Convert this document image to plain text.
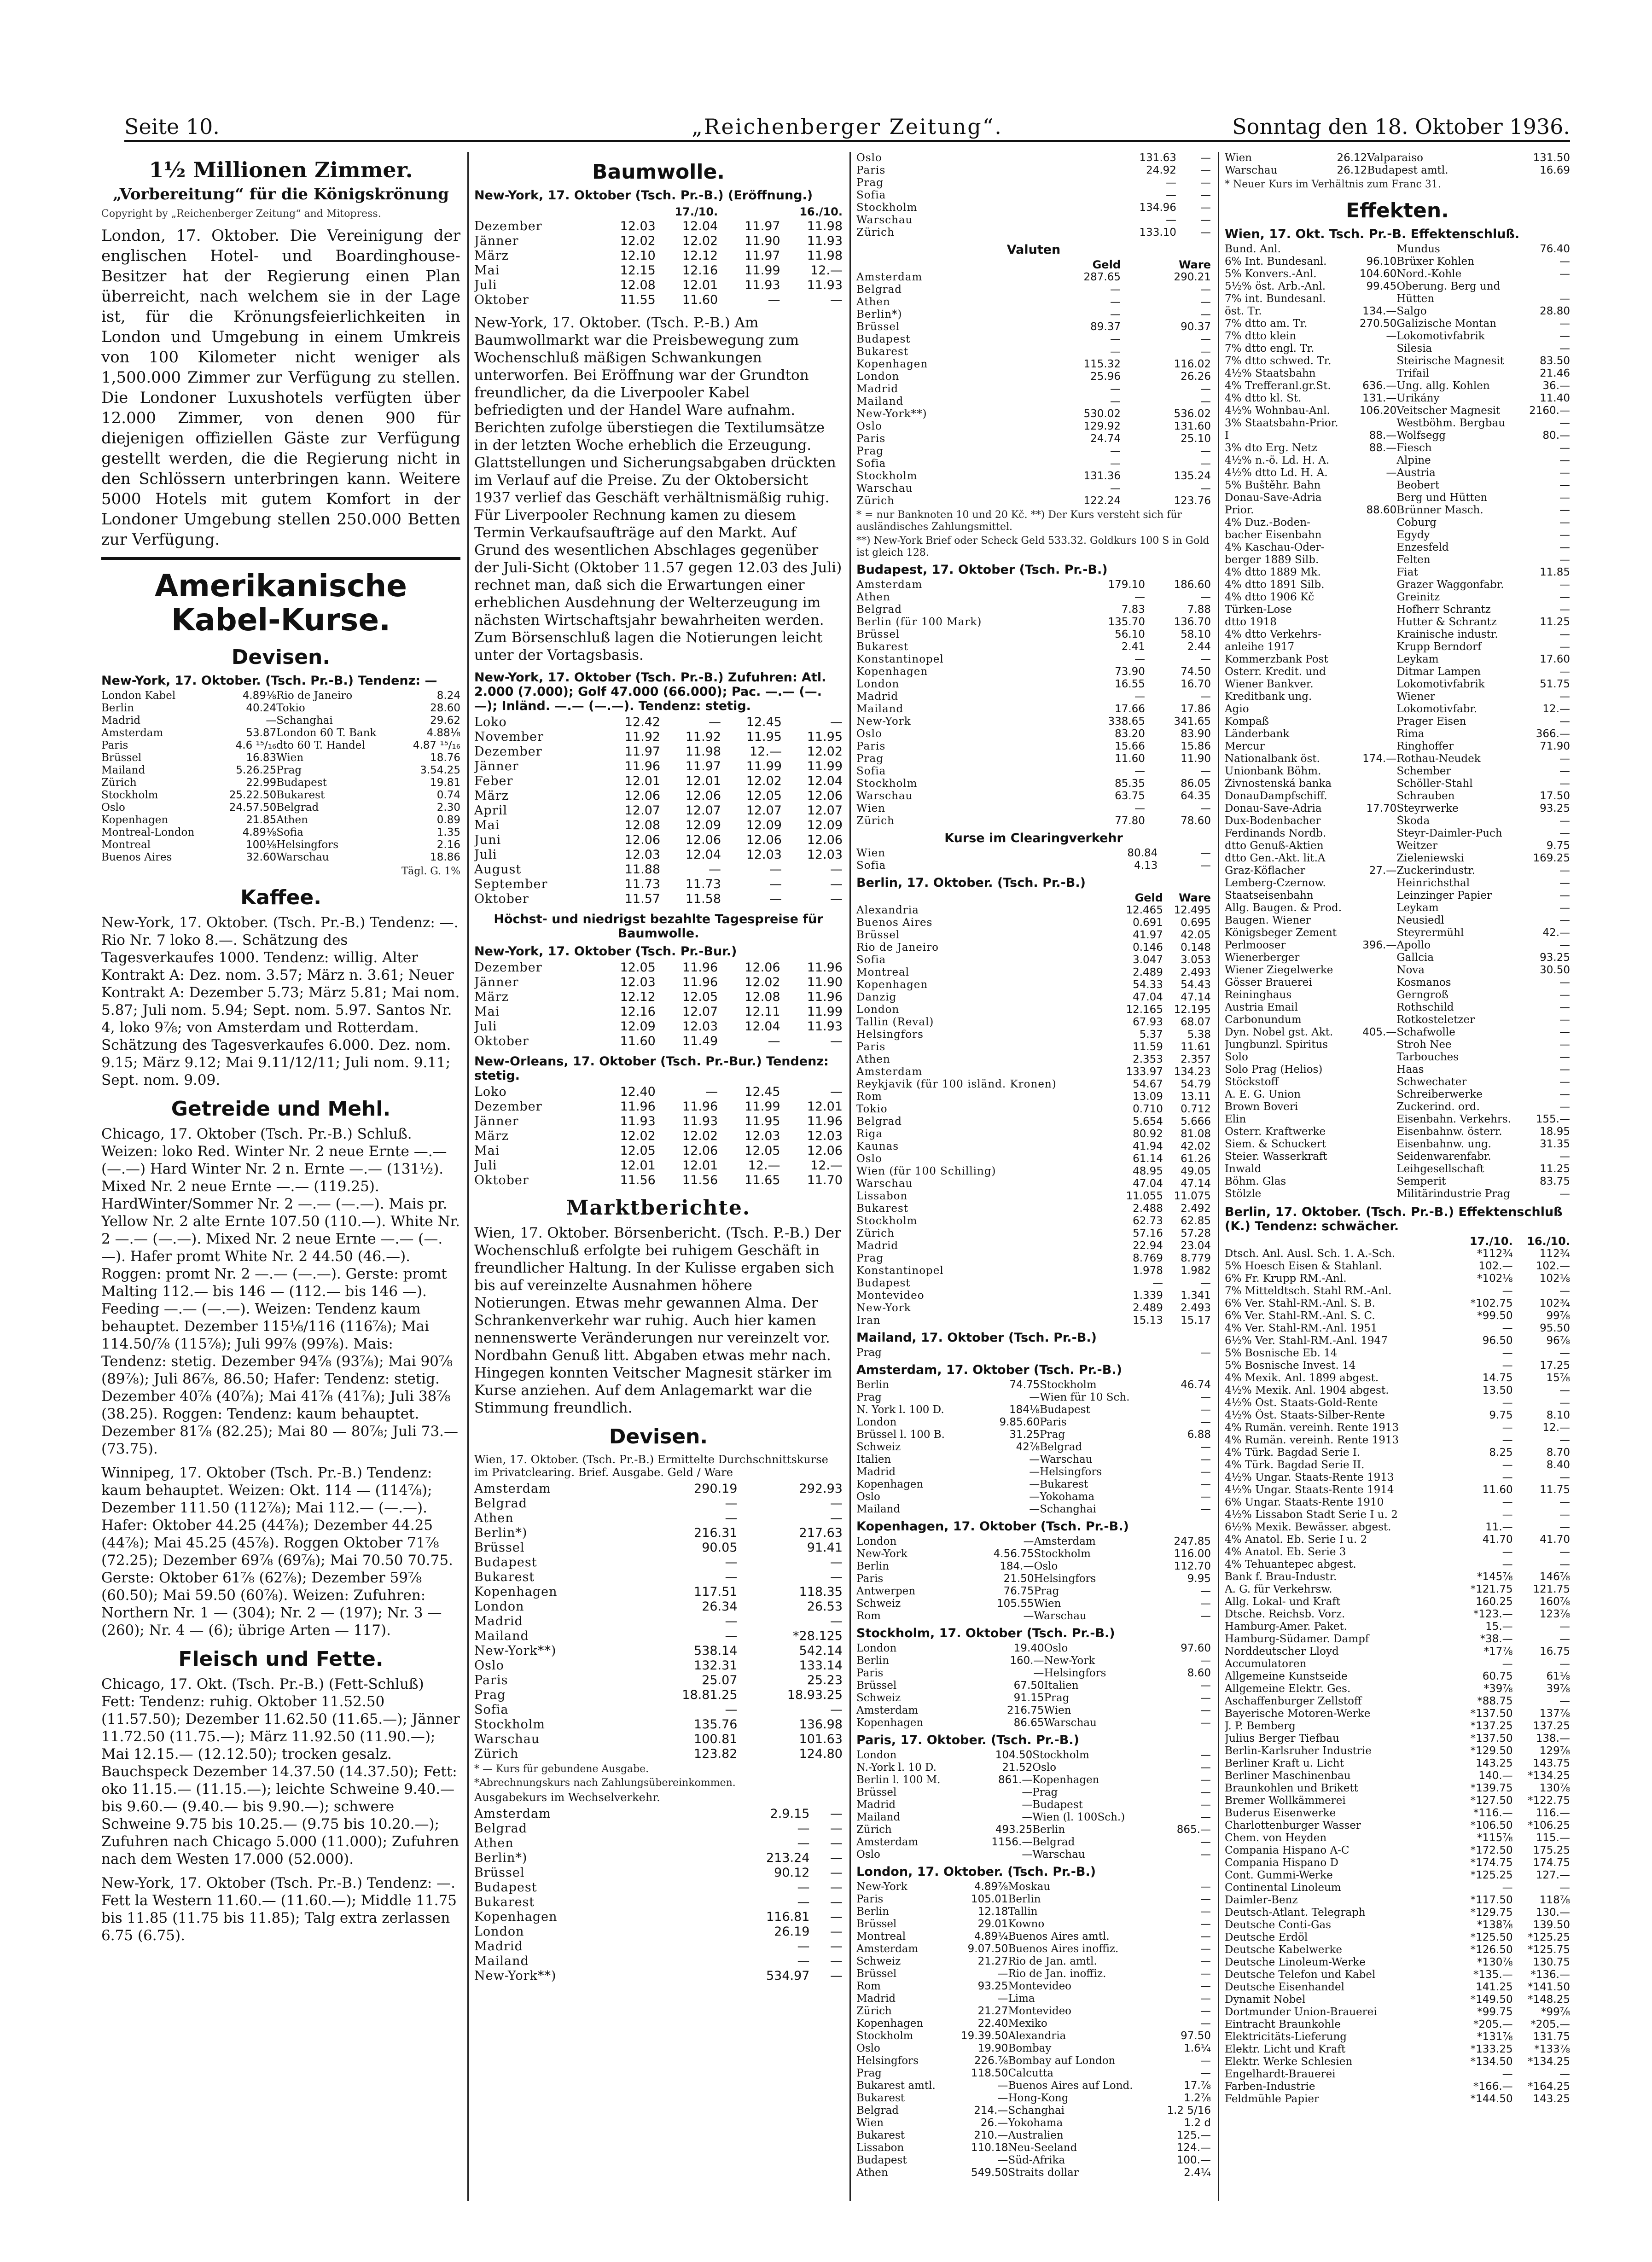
Seite 10.	„Reichenberger Zeitung“.	Sonntag den 18. Oktober 1936.
1½ Millionen Zimmer.
„Vorbereitung“ für die Königskrönung
Copyright by „Reichenberger Zeitung“ and Mitopress.

London, 17. Oktober. Die Vereinigung der englischen Hotel- und Boardinghouse-Besitzer hat der Regierung einen Plan überreicht, nach welchem sie in der Lage ist, für die Krönungsfeierlichkeiten in London und Umgebung in einem Umkreis von 100 Kilometer nicht weniger als 1,500.000 Zimmer zur Verfügung zu stellen. Die Londoner Luxushotels verfügten über 12.000 Zimmer, von denen 900 für diejenigen offiziellen Gäste zur Verfügung gestellt werden, die die Regierung nicht in den Schlössern unterbringen kann. Weitere 5000 Hotels mit gutem Komfort in der Londoner Umgebung stellen 250.000 Betten zur Verfügung.

Amerikanische Kabel-Kurse.
Devisen.
New-York, 17. Oktober. (Tsch. Pr.-B.) Tendenz: —
London Kabel	4.89⅛	Rio de Janeiro	8.24
Berlin	40.24	Tokio	28.60
Madrid	—	Schanghai	29.62
Amsterdam	53.87	London 60 T. Bank	4.88⅛
Paris	4.6 ¹⁵/₁₆	dto 60 T. Handel	4.87 ¹⁵/₁₆
Brüssel	16.83	Wien	18.76
Mailand	5.26.25	Prag	3.54.25
Zürich	22.99	Budapest	19.81
Stockholm	25.22.50	Bukarest	0.74
Oslo	24.57.50	Belgrad	2.30
Kopenhagen	21.85	Athen	0.89
Montreal-London	4.89⅛	Sofia	1.35
Montreal	100⅛	Helsingfors	2.16
Buenos Aires	32.60	Warschau	18.86
Tägl. G. 1%
Kaffee.

New-York, 17. Oktober. (Tsch. Pr.-B.) Tendenz: —. Rio Nr. 7 loko 8.—. Schätzung des Tagesverkaufes 1000. Tendenz: willig. Alter Kontrakt A: Dez. nom. 3.57; März n. 3.61; Neuer Kontrakt A: Dezember 5.73; März 5.81; Mai nom. 5.87; Juli nom. 5.94; Sept. nom. 5.97. Santos Nr. 4, loko 9⅞; von Amsterdam und Rotterdam. Schätzung des Tagesverkaufes 6.000. Dez. nom. 9.15; März 9.12; Mai 9.11/12/11; Juli nom. 9.11; Sept. nom. 9.09.

Getreide und Mehl.

Chicago, 17. Oktober (Tsch. Pr.-B.) Schluß. Weizen: loko Red. Winter Nr. 2 neue Ernte —.— (—.—) Hard Winter Nr. 2 n. Ernte —.— (131½). Mixed Nr. 2 neue Ernte —.— (119.25). HardWinter/Sommer Nr. 2 —.— (—.—). Mais pr. Yellow Nr. 2 alte Ernte 107.50 (110.—). White Nr. 2 —.— (—.—). Mixed Nr. 2 neue Ernte —.— (—.—). Hafer promt White Nr. 2 44.50 (46.—). Roggen: promt Nr. 2 —.— (—.—). Gerste: promt Malting 112.— bis 146 — (112.— bis 146 —). Feeding —.— (—.—). Weizen: Tendenz kaum behauptet. Dezember 115⅛/116 (116⅞); Mai 114.50/⅞ (115⅞); Juli 99⅞ (99⅞). Mais: Tendenz: stetig. Dezember 94⅞ (93⅞); Mai 90⅞ (89⅞); Juli 86⅞, 86.50; Hafer: Tendenz: stetig. Dezember 40⅞ (40⅞); Mai 41⅞ (41⅞); Juli 38⅞ (38.25). Roggen: Tendenz: kaum behauptet. Dezember 81⅞ (82.25); Mai 80 — 80⅞; Juli 73.— (73.75).

Winnipeg, 17. Oktober (Tsch. Pr.-B.) Tendenz: kaum behauptet. Weizen: Okt. 114 — (114⅞); Dezember 111.50 (112⅞); Mai 112.— (—.—). Hafer: Oktober 44.25 (44⅞); Dezember 44.25 (44⅞); Mai 45.25 (45⅞). Roggen Oktober 71⅞ (72.25); Dezember 69⅞ (69⅞); Mai 70.50 70.75. Gerste: Oktober 61⅞ (62⅞); Dezember 59⅞ (60.50); Mai 59.50 (60⅞). Weizen: Zufuhren: Northern Nr. 1 — (304); Nr. 2 — (197); Nr. 3 — (260); Nr. 4 — (6); übrige Arten — 117).

Fleisch und Fette.

Chicago, 17. Okt. (Tsch. Pr.-B.) (Fett-Schluß) Fett: Tendenz: ruhig. Oktober 11.52.50 (11.57.50); Dezember 11.62.50 (11.65.—); Jänner 11.72.50 (11.75.—); März 11.92.50 (11.90.—); Mai 12.15.— (12.12.50); trocken gesalz. Bauchspeck Dezember 14.37.50 (14.37.50); Fett: oko 11.15.— (11.15.—); leichte Schweine 9.40.— bis 9.60.— (9.40.— bis 9.90.—); schwere Schweine 9.75 bis 10.25.— (9.75 bis 10.20.—); Zufuhren nach Chicago 5.000 (11.000); Zufuhren nach dem Westen 17.000 (52.000).

New-York, 17. Oktober (Tsch. Pr.-B.) Tendenz: —. Fett la Western 11.60.— (11.60.—); Middle 11.75 bis 11.85 (11.75 bis 11.85); Talg extra zerlassen 6.75 (6.75).

Baumwolle.
New-York, 17. Oktober (Tsch. Pr.-B.) (Eröffnung.)
	17./10.		16./10.	
Dezember	12.03	12.04	11.97	11.98
Jänner	12.02	12.02	11.90	11.93
März	12.10	12.12	11.97	11.98
Mai	12.15	12.16	11.99	12.—
Juli	12.08	12.01	11.93	11.93
Oktober	11.55	11.60	—	—

New-York, 17. Oktober. (Tsch. P.-B.) Am Baumwollmarkt war die Preisbewegung zum Wochenschluß mäßigen Schwankungen unterworfen. Bei Eröffnung war der Grundton freundlicher, da die Liverpooler Kabel befriedigten und der Handel Ware aufnahm. Berichten zufolge überstiegen die Textilumsätze in der letzten Woche erheblich die Erzeugung. Glattstellungen und Sicherungsabgaben drückten im Verlauf auf die Preise. Zu der Oktobersicht 1937 verlief das Geschäft verhältnismäßig ruhig. Für Liverpooler Rechnung kamen zu diesem Termin Verkaufsaufträge auf den Markt. Auf Grund des wesentlichen Abschlages gegenüber der Juli-Sicht (Oktober 11.57 gegen 12.03 des Juli) rechnet man, daß sich die Erwartungen einer erheblichen Ausdehnung der Welterzeugung im nächsten Wirtschaftsjahr bewahrheiten werden. Zum Börsenschluß lagen die Notierungen leicht unter der Vortagsbasis.

New-York, 17. Oktober (Tsch. Pr.-B.) Zufuhren: Atl. 2.000 (7.000); Golf 47.000 (66.000); Pac. —.— (—.—); Inländ. —.— (—.—). Tendenz: stetig.
Loko	12.42	—	12.45	—
November	11.92	11.92	11.95	11.95
Dezember	11.97	11.98	12.—	12.02
Jänner	11.96	11.97	11.99	11.99
Feber	12.01	12.01	12.02	12.04
März	12.06	12.06	12.05	12.06
April	12.07	12.07	12.07	12.07
Mai	12.08	12.09	12.09	12.09
Juni	12.06	12.06	12.06	12.06
Juli	12.03	12.04	12.03	12.03
August	11.88	—	—	—
September	11.73	11.73	—	—
Oktober	11.57	11.58	—	—
Höchst- und niedrigst bezahlte Tagespreise für Baumwolle.
New-York, 17. Oktober (Tsch. Pr.-Bur.)
Dezember	12.05	11.96	12.06	11.96
Jänner	12.03	11.96	12.02	11.90
März	12.12	12.05	12.08	11.96
Mai	12.16	12.07	12.11	11.99
Juli	12.09	12.03	12.04	11.93
Oktober	11.60	11.49	—	—
New-Orleans, 17. Oktober (Tsch. Pr.-Bur.) Tendenz: stetig.
Loko	12.40	—	12.45	—
Dezember	11.96	11.96	11.99	12.01
Jänner	11.93	11.93	11.95	11.96
März	12.02	12.02	12.03	12.03
Mai	12.05	12.06	12.05	12.06
Juli	12.01	12.01	12.—	12.—
Oktober	11.56	11.56	11.65	11.70
Marktberichte.

Wien, 17. Oktober. Börsenbericht. (Tsch. P.-B.) Der Wochenschluß erfolgte bei ruhigem Geschäft in freundlicher Haltung. In der Kulisse ergaben sich bis auf vereinzelte Ausnahmen höhere Notierungen. Etwas mehr gewannen Alma. Der Schrankenverkehr war ruhig. Auch hier kamen nennenswerte Veränderungen nur vereinzelt vor. Nordbahn Genuß litt. Abgaben etwas mehr nach. Hingegen konnten Veitscher Magnesit stärker im Kurse anziehen. Auf dem Anlagemarkt war die Stimmung freundlich.

Devisen.
Wien, 17. Oktober. (Tsch. Pr.-B.) Ermittelte Durchschnittskurse im Privatclearing. Brief. Ausgabe. Geld / Ware
Amsterdam	290.19	292.93
Belgrad	—	—
Athen	—	—
Berlin*)	216.31	217.63
Brüssel	90.05	91.41
Budapest	—	—
Bukarest	—	—
Kopenhagen	117.51	118.35
London	26.34	26.53
Madrid	—	—
Mailand	—	*28.125
New-York**)	538.14	542.14
Oslo	132.31	133.14
Paris	25.07	25.23
Prag	18.81.25	18.93.25
Sofia	—	—
Stockholm	135.76	136.98
Warschau	100.81	101.63
Zürich	123.82	124.80
* — Kurs für gebundene Ausgabe.
*Abrechnungskurs nach Zahlungsübereinkommen.
Ausgabekurs im Wechselverkehr.
Amsterdam	2.9.15	—
Belgrad	—	—
Athen	—	—
Berlin*)	213.24	—
Brüssel	90.12	—
Budapest	—	—
Bukarest	—	—
Kopenhagen	116.81	—
London	26.19	—
Madrid	—	—
Mailand	—	—
New-York**)	534.97	—
Oslo	131.63	—
Paris	24.92	—
Prag	—	—
Sofia	—	—
Stockholm	134.96	—
Warschau	—	—
Zürich	133.10	—
Valuten
	Geld	Ware
Amsterdam	287.65	290.21
Belgrad	—	—
Athen	—	—
Berlin*)	—	—
Brüssel	89.37	90.37
Budapest	—	—
Bukarest	—	—
Kopenhagen	115.32	116.02
London	25.96	26.26
Madrid	—	—
Mailand	—	—
New-York**)	530.02	536.02
Oslo	129.92	131.60
Paris	24.74	25.10
Prag	—	—
Sofia	—	—
Stockholm	131.36	135.24
Warschau	—	—
Zürich	122.24	123.76
* = nur Banknoten 10 und 20 Kč. **) Der Kurs versteht sich für ausländisches Zahlungsmittel.
**) New-York Brief oder Scheck Geld 533.32. Goldkurs 100 S in Gold ist gleich 128.
Budapest, 17. Oktober (Tsch. Pr.-B.)
Amsterdam	179.10	186.60
Athen	—	—
Belgrad	7.83	7.88
Berlin (für 100 Mark)	135.70	136.70
Brüssel	56.10	58.10
Bukarest	2.41	2.44
Konstantinopel	—	—
Kopenhagen	73.90	74.50
London	16.55	16.70
Madrid	—	—
Mailand	17.66	17.86
New-York	338.65	341.65
Oslo	83.20	83.90
Paris	15.66	15.86
Prag	11.60	11.90
Sofia	—	—
Stockholm	85.35	86.05
Warschau	63.75	64.35
Wien	—	—
Zürich	77.80	78.60
Kurse im Clearingverkehr
Wien	80.84	—
Sofia	4.13	—
Berlin, 17. Oktober. (Tsch. Pr.-B.)
	Geld	Ware
Alexandria	12.465	12.495
Buenos Aires	0.691	0.695
Brüssel	41.97	42.05
Rio de Janeiro	0.146	0.148
Sofia	3.047	3.053
Montreal	2.489	2.493
Kopenhagen	54.33	54.43
Danzig	47.04	47.14
London	12.165	12.195
Tallin (Reval)	67.93	68.07
Helsingfors	5.37	5.38
Paris	11.59	11.61
Athen	2.353	2.357
Amsterdam	133.97	134.23
Reykjavik (für 100 isländ. Kronen)	54.67	54.79
Rom	13.09	13.11
Tokio	0.710	0.712
Belgrad	5.654	5.666
Riga	80.92	81.08
Kaunas	41.94	42.02
Oslo	61.14	61.26
Wien (für 100 Schilling)	48.95	49.05
Warschau	47.04	47.14
Lissabon	11.055	11.075
Bukarest	2.488	2.492
Stockholm	62.73	62.85
Zürich	57.16	57.28
Madrid	22.94	23.04
Prag	8.769	8.779
Konstantinopel	1.978	1.982
Budapest	—	—
Montevideo	1.339	1.341
New-York	2.489	2.493
Iran	15.13	15.17
Mailand, 17. Oktober (Tsch. Pr.-B.)
Prag	—		
Amsterdam, 17. Oktober (Tsch. Pr.-B.)
Berlin	74.75	Stockholm	46.74
Prag	—	Wien für 10 Sch.	—
N. York l. 100 D.	184⅛	Budapest	—
London	9.85.60	Paris	—
Brüssel l. 100 B.	31.25	Prag	6.88
Schweiz	42⅞	Belgrad	—
Italien	—	Warschau	—
Madrid	—	Helsingfors	—
Kopenhagen	—	Bukarest	—
Oslo	—	Yokohama	—
Mailand	—	Schanghai	—
Kopenhagen, 17. Oktober (Tsch. Pr.-B.)
London	—	Amsterdam	247.85
New-York	4.56.75	Stockholm	116.00
Berlin	184.—	Oslo	112.70
Paris	21.50	Helsingfors	9.95
Antwerpen	76.75	Prag	—
Schweiz	105.55	Wien	—
Rom	—	Warschau	—
Stockholm, 17. Oktober (Tsch. Pr.-B.)
London	19.40	Oslo	97.60
Berlin	160.—	New-York	—
Paris	—	Helsingfors	8.60
Brüssel	67.50	Italien	—
Schweiz	91.15	Prag	—
Amsterdam	216.75	Wien	—
Kopenhagen	86.65	Warschau	—
Paris, 17. Oktober. (Tsch. Pr.-B.)
London	104.50	Stockholm	—
N.-York l. 10 D.	21.52	Oslo	—
Berlin l. 100 M.	861.—	Kopenhagen	—
Brüssel	—	Prag	—
Madrid	—	Budapest	—
Mailand	—	Wien (l. 100Sch.)	—
Zürich	493.25	Berlin	865.—
Amsterdam	1156.—	Belgrad	—
Oslo	—	Warschau	—
London, 17. Oktober. (Tsch. Pr.-B.)
New-York	4.89⅞	Moskau	—
Paris	105.01	Berlin	—
Berlin	12.18	Tallin	—
Brüssel	29.01	Kowno	—
Montreal	4.89¼	Buenos Aires amtl.	—
Amsterdam	9.07.50	Buenos Aires inoffiz.	—
Schweiz	21.27	Rio de Jan. amtl.	—
Brüssel	—	Rio de Jan. inoffiz.	—
Rom	93.25	Montevideo	—
Madrid	—	Lima	—
Zürich	21.27	Montevideo	—
Kopenhagen	22.40	Mexiko	—
Stockholm	19.39.50	Alexandria	97.50
Oslo	19.90	Bombay	1.6¼
Helsingfors	226.⅞	Bombay auf London	—
Prag	118.50	Calcutta	—
Bukarest amtl.	—	Buenos Aires auf Lond.	17.⅞
Bukarest	—	Hong-Kong	1.2⅞
Belgrad	214.—	Schanghai	1.2 5/16
Wien	26.—	Yokohama	1.2 d
Bukarest	210.—	Australien	125.—
Lissabon	110.18	Neu-Seeland	124.—
Budapest	—	Süd-Afrika	100.—
Athen	549.50	Straits dollar	2.4¼
Wien	26.12	Valparaiso	131.50
Warschau	26.12	Budapest amtl.	16.69
* Neuer Kurs im Verhältnis zum Franc 31.
Effekten.
Wien, 17. Okt. Tsch. Pr.-B. Effektenschluß.
Bund. Anl.		Mundus	76.40
6% Int. Bundesanl.	96.10	Brüxer Kohlen	—
5% Konvers.-Anl.	104.60	Nord.-Kohle	—
5½% öst. Arb.-Anl.	99.45	Oberung. Berg und	
7% int. Bundesanl.		Hütten	—
öst. Tr.	134.—	Salgo	28.80
7% dtto am. Tr.	270.50	Galizische Montan	—
7% dtto klein	—	Lokomotivfabrik	—
7% dtto engl. Tr.		Silesia	—
7% dtto schwed. Tr.		Steirische Magnesit	83.50
4½% Staatsbahn		Trifail	21.46
4% Trefferanl.gr.St.	636.—	Ung. allg. Kohlen	36.—
4% dtto kl. St.	131.—	Urikány	11.40
4½% Wohnbau-Anl.	106.20	Veitscher Magnesit	2160.—
3% Staatsbahn-Prior.		Westböhm. Bergbau	—
I	88.—	Wolfsegg	80.—
3% dto Erg. Netz	88.—	Fiesch	—
4½% n.-ö. Ld. H. A.		Alpine	—
4½% dtto Ld. H. A.	—	Austria	—
5% Buštěhr. Bahn		Beobert	—
Donau-Save-Adria		Berg und Hütten	—
Prior.	88.60	Brünner Masch.	—
4% Duz.-Boden-		Coburg	—
bacher Eisenbahn		Egydy	—
4% Kaschau-Oder-		Enzesfeld	—
berger 1889 Silb.		Felten	—
4% dtto 1889 Mk.		Fiat	11.85
4% dtto 1891 Silb.		Grazer Waggonfabr.	—
4% dtto 1906 Kč		Greinitz	—
Türken-Lose		Hofherr Schrantz	—
dtto 1918		Hutter & Schrantz	11.25
4% dtto Verkehrs-		Krainische industr.	—
anleihe 1917		Krupp Berndorf	—
Kommerzbank Post		Leykam	17.60
Österr. Kredit. und		Ditmar Lampen	—
Wiener Bankver.		Lokomotivfabrik	51.75
Kreditbank ung.		Wiener	—
Agio		Lokomotivfabr.	12.—
Kompaß		Prager Eisen	—
Länderbank		Rima	366.—
Mercur		Ringhoffer	71.90
Nationalbank öst.	174.—	Rothau-Neudek	—
Unionbank Böhm.		Schember	—
Živnostenská banka		Schöller-Stahl	—
DonauDampfschiff.		Schrauben	17.50
Donau-Save-Adria	17.70	Steyrwerke	93.25
Dux-Bodenbacher		Škoda	—
Ferdinands Nordb.		Steyr-Daimler-Puch	—
dtto Genuß-Aktien		Weitzer	9.75
dtto Gen.-Akt. lit.A		Zieleniewski	169.25
Graz-Köflacher	27.—	Zuckerindustr.	—
Lemberg-Czernow.		Heinrichsthal	—
Staatseisenbahn		Leinzinger Papier	—
Allg. Baugen. & Prod.		Leykam	—
Baugen. Wiener		Neusiedl	—
Königsbeger Zement		Steyrermühl	42.—
Perlmooser	396.—	Apollo	—
Wienerberger		Gallcia	93.25
Wiener Ziegelwerke		Nova	30.50
Gösser Brauerei		Kosmanos	—
Reininghaus		Gerngroß	—
Austria Email		Rothschild	—
Carbonundum		Rotkosteletzer	—
Dyn. Nobel gst. Akt.	405.—	Schafwolle	—
Jungbunzl. Spiritus		Stroh Nee	—
Solo		Tarbouches	—
Solo Prag (Helios)		Haas	—
Stöckstoff		Schwechater	—
A. E. G. Union		Schreiberwerke	—
Brown Boveri		Zuckerind. ord.	—
Elin		Eisenbahn. Verkehrs.	155.—
Österr. Kraftwerke		Eisenbahnw. österr.	18.95
Siem. & Schuckert		Eisenbahnw. ung.	31.35
Steier. Wasserkraft		Seidenwarenfabr.	—
Inwald		Leihgesellschaft	11.25
Böhm. Glas		Semperit	83.75
Stölzle		Militärindustrie Prag	—
Berlin, 17. Oktober. (Tsch. Pr.-B.) Effektenschluß (K.) Tendenz: schwächer.
	17./10.	16./10.
Dtsch. Anl. Ausl. Sch. 1. A.-Sch.	*112¾	112¾
5% Hoesch Eisen & Stahlanl.	102.—	102.—
6% Fr. Krupp RM.-Anl.	*102⅛	102⅛
7% Mitteldtsch. Stahl RM.-Anl.	—	—
6% Ver. Stahl-RM.-Anl. S. B.	*102.75	102¾
6% Ver. Stahl-RM.-Anl. S. C.	*99.50	99⅞
4% Ver. Stahl-RM.-Anl. 1951	—	95.50
6½% Ver. Stahl-RM.-Anl. 1947	96.50	96⅞
5% Bosnische Eb. 14	—	—
5% Bosnische Invest. 14	—	17.25
4% Mexik. Anl. 1899 abgest.	14.75	15⅞
4½% Mexik. Anl. 1904 abgest.	13.50	—
4½% Öst. Staats-Gold-Rente	—	—
4½% Öst. Staats-Silber-Rente	9.75	8.10
4% Rumän. vereinh. Rente 1913	—	12.—
4% Rumän. vereinh. Rente 1913	—	—
4% Türk. Bagdad Serie I.	8.25	8.70
4% Türk. Bagdad Serie II.	—	8.40
4½% Ungar. Staats-Rente 1913	—	—
4½% Ungar. Staats-Rente 1914	11.60	11.75
6% Ungar. Staats-Rente 1910	—	—
4½% Lissabon Stadt Serie I u. 2	—	—
6½% Mexik. Bewässer. abgest.	11.—	—
4% Anatol. Eb. Serie I u. 2	41.70	41.70
4% Anatol. Eb. Serie 3	—	—
4% Tehuantepec abgest.	—	—
Bank f. Brau-Industr.	*145⅞	146⅞
A. G. für Verkehrsw.	*121.75	121.75
Allg. Lokal- und Kraft	160.25	160⅞
Dtsche. Reichsb. Vorz.	*123.—	123⅞
Hamburg-Amer. Paket.	15.—	—
Hamburg-Südamer. Dampf	*38.—	—
Norddeutscher Lloyd	*17⅞	16.75
Accumulatoren	—	—
Allgemeine Kunstseide	60.75	61⅛
Allgemeine Elektr. Ges.	*39⅞	39⅞
Aschaffenburger Zellstoff	*88.75	—
Bayerische Motoren-Werke	*137.50	137⅞
J. P. Bemberg	*137.25	137.25
Julius Berger Tiefbau	*137.50	138.—
Berlin-Karlsruher Industrie	*129.50	129⅞
Berliner Kraft u. Licht	143.25	143.75
Berliner Maschinenbau	140.—	*134.25
Braunkohlen und Brikett	*139.75	130⅞
Bremer Wollkämmerei	*127.50	*122.75
Buderus Eisenwerke	*116.—	116.—
Charlottenburger Wasser	*106.50	*106.25
Chem. von Heyden	*115⅞	115.—
Compania Hispano A-C	*172.50	175.25
Compania Hispano D	*174.75	174.75
Cont. Gummi-Werke	*125.25	127.—
Continental Linoleum	—	—
Daimler-Benz	*117.50	118⅞
Deutsch-Atlant. Telegraph	*129.75	130.—
Deutsche Conti-Gas	*138⅞	139.50
Deutsche Erdöl	*125.50	*125.25
Deutsche Kabelwerke	*126.50	*125.75
Deutsche Linoleum-Werke	*130⅞	130.75
Deutsche Telefon und Kabel	*135.—	*136.—
Deutsche Eisenhandel	141.25	*141.50
Dynamit Nobel	*149.50	*148.25
Dortmunder Union-Brauerei	*99.75	*99⅞
Eintracht Braunkohle	*205.—	*205.—
Elektricitäts-Lieferung	*131⅞	131.75
Elektr. Licht und Kraft	*133.25	*133⅞
Elektr. Werke Schlesien	*134.50	*134.25
Engelhardt-Brauerei	—	—
Farben-Industrie	*166.—	*164.25
Feldmühle Papier	*144.50	143.25
